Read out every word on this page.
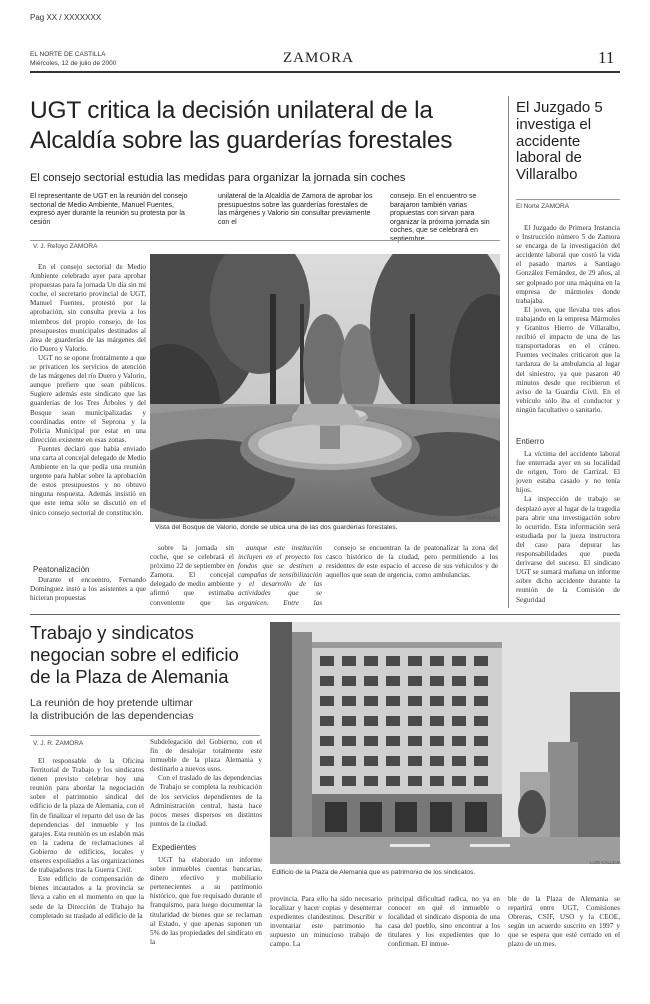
Pag XX / XXXXXXX
EL NORTE DE CASTILLA
Miércoles, 12 de julio de 2000	ZAMORA	11
UGT critica la decisión unilateral de la
Alcaldía sobre las guarderías forestales
El consejo sectorial estudia las medidas para organizar la jornada sin coches
El representante de UGT en la reunión del consejo sectorial de Medio Ambiente, Manuel Fuentes, expresó ayer durante la reunión su protesta por la cesión
unilateral de la Alcaldía de Zamora de aprobar los presupuestos sobre las guarderías forestales de las márgenes y Valorio sin consultar previamente con el
consejo. En el encuentro se barajaron también varias propuestas con sirvan para organizar la próxima jornada sin coches, que se celebrará en
V. J. Refoyo ZAMORA

En el consejo sectorial de Medio Ambiente celebrado ayer para aprobar propuestas para la jornada Un día sin mi coche, el secretario provincial de UGT, Manuel Fuentes, protestó por la aprobación, sin consulta previa a los miembros del propio consejo, de los presupuestos municipales destinados al área de guarderías de las márgenes del río Duero y Valorio.

UGT no se opone frontalmente a que se privaticen los servicios de atención de las márgenes del río Duero y Valorio, aunque prefiere que sean públicos. Sugiere además este sindicato que las guarderías de los Tres Árboles y del Bosque sean municipalizadas y coordinadas entre el Seprona y la Policía Municipal por estar en una dirección existente en esas zonas.

Fuentes declaró que había enviado una carta al concejal delegado de Medio Ambiente en la que pedía una reunión urgente para hablar sobre la aprobación de estos presupuestos y no obtuvo ninguna respuesta. Además insistió en que este tema sólo se discutió en el único consejo sectorial de constitución.

Peatonalización

Durante el encuentro, Fernando Domínguez instó a los asistentes a que hicieran propuestas

Vista del Bosque de Valorio, donde se ubica una de las dos guarderías forestales.
LUIS CALLEJA

sobre la jornada sin coche, que se celebrará el próximo 22 de septiembre en Zamora. El concejal delegado de medio ambiente afirmó que estimaba conveniente que las

aunque este institución incluyen en el proyecto los fondos que se destinen a campañas de sensibilización y el desarrollo de las actividades que se organicen. Entre las

consejo se encuentran la de peatonalizar la zona del casco histórico de la ciudad, pero permitiendo a los residentes de este espacio el acceso de sus vehículos y de aquellos que sean de urgencia, como ambulancias.

El Juzgado 5
investiga el
accidente
laboral de
Villaralbo
El Norte ZAMORA

El Juzgado de Primera Instancia e Instrucción número 5 de Zamora se encarga de la investigación del accidente laboral que costó la vida el pasado martes a Santiago González Fernández, de 29 años, al ser golpeado por una máquina en la empresa de mármoles donde trabajaba.

El joven, que llevaba tres años trabajando en la empresa Mármoles y Granitos Hierro de Villaralbo, recibió el impacto de una de las transportadoras en el cráneo. Fuentes vecinales criticaron que la tardanza de la ambulancia al lugar del siniestro, ya que pasaron 40 minutos desde que recibieron el aviso de la Guardia Civil. En el vehículo sólo iba el conductor y ningún facultativo o sanitario.

Entierro

La víctima del accidente laboral fue enterrada ayer en su localidad de origen, Toro de Carrizal. El joven estaba casado y no tenía hijos.

La inspección de trabajo se desplazó ayer al lugar de la tragedia para abrir una investigación sobre lo ocurrido. Esta información será estudiada por la jueza instructora del caso para depurar las responsabilidades que pueda derivarse del suceso. El sindicato UGT se sumará mañana un informe sobre dicho accidente durante la reunión de la Comisión de Seguridad

Trabajo y sindicatos
negocian sobre el edificio
de la Plaza de Alemania
La reunión de hoy pretende ultimar
la distribución de las dependencias
V. J. R. ZAMORA

El responsable de la Oficina Territorial de Trabajo y los sindicatos tienen previsto celebrar hoy una reunión para abordar la negociación sobre el patrimonio sindical del edificio de la plaza de Alemania, con el fin de finalizar el reparto del uso de las dependencias del inmueble y los garajes. Esta reunión es un eslabón más en la cadena de reclamaciones al Gobierno de edificios, locales y enseres expoliados a las organizaciones de trabajadores tras la Guerra Civil.

Este edificio de compensación de bienes incautados a la provincia se lleva a cabo en el momento en que la sede de la Dirección de Trabajo ha completado su traslado al edificio de la

Subdelegación del Gobierno, con el fin de desalojar totalmente este inmueble de la plaza Alemania y destinarlo a nuevos usos.

Con el traslado de las dependencias de Trabajo se completa la reubicación de los servicios dependientes de la Administración central, hasta hace pocos meses dispersos en distintos puntos de la ciudad.

Expedientes

UGT ha elaborado un informe sobre inmuebles cuentas bancarias, dinero efectivo y mobiliario pertenecientes a su patrimonio histórico, que fue requisado durante el franquismo, para luego documentar la titularidad de bienes que se reclaman al Estado, y que apenas suponen un 5% de las propiedades del sindicato en la

Edificio de la Plaza de Alemania que es patrimonio de los sindicatos.
LUIS CALLEJA

provincia. Para ello ha sido necesario localizar y hacer copias y desenterrar expedientes clandestinos. Describir e inventariar este patrimonio ha supuesto un minucioso trabajo de campo. La

principal dificultad radica, no ya en conocer en qué el inmueble o localidad el sindicato disponía de una casa del pueblo, sino encontrar a los titulares y los expedientes que lo confirman. El inmue-

ble de la Plaza de Alemania se repartirá entre UGT, Comisiones Obreras, CSIF, USO y la CEOE, según un acuerdo suscrito en 1997 y que se espera que esté cerrado en el plazo de un mes.
